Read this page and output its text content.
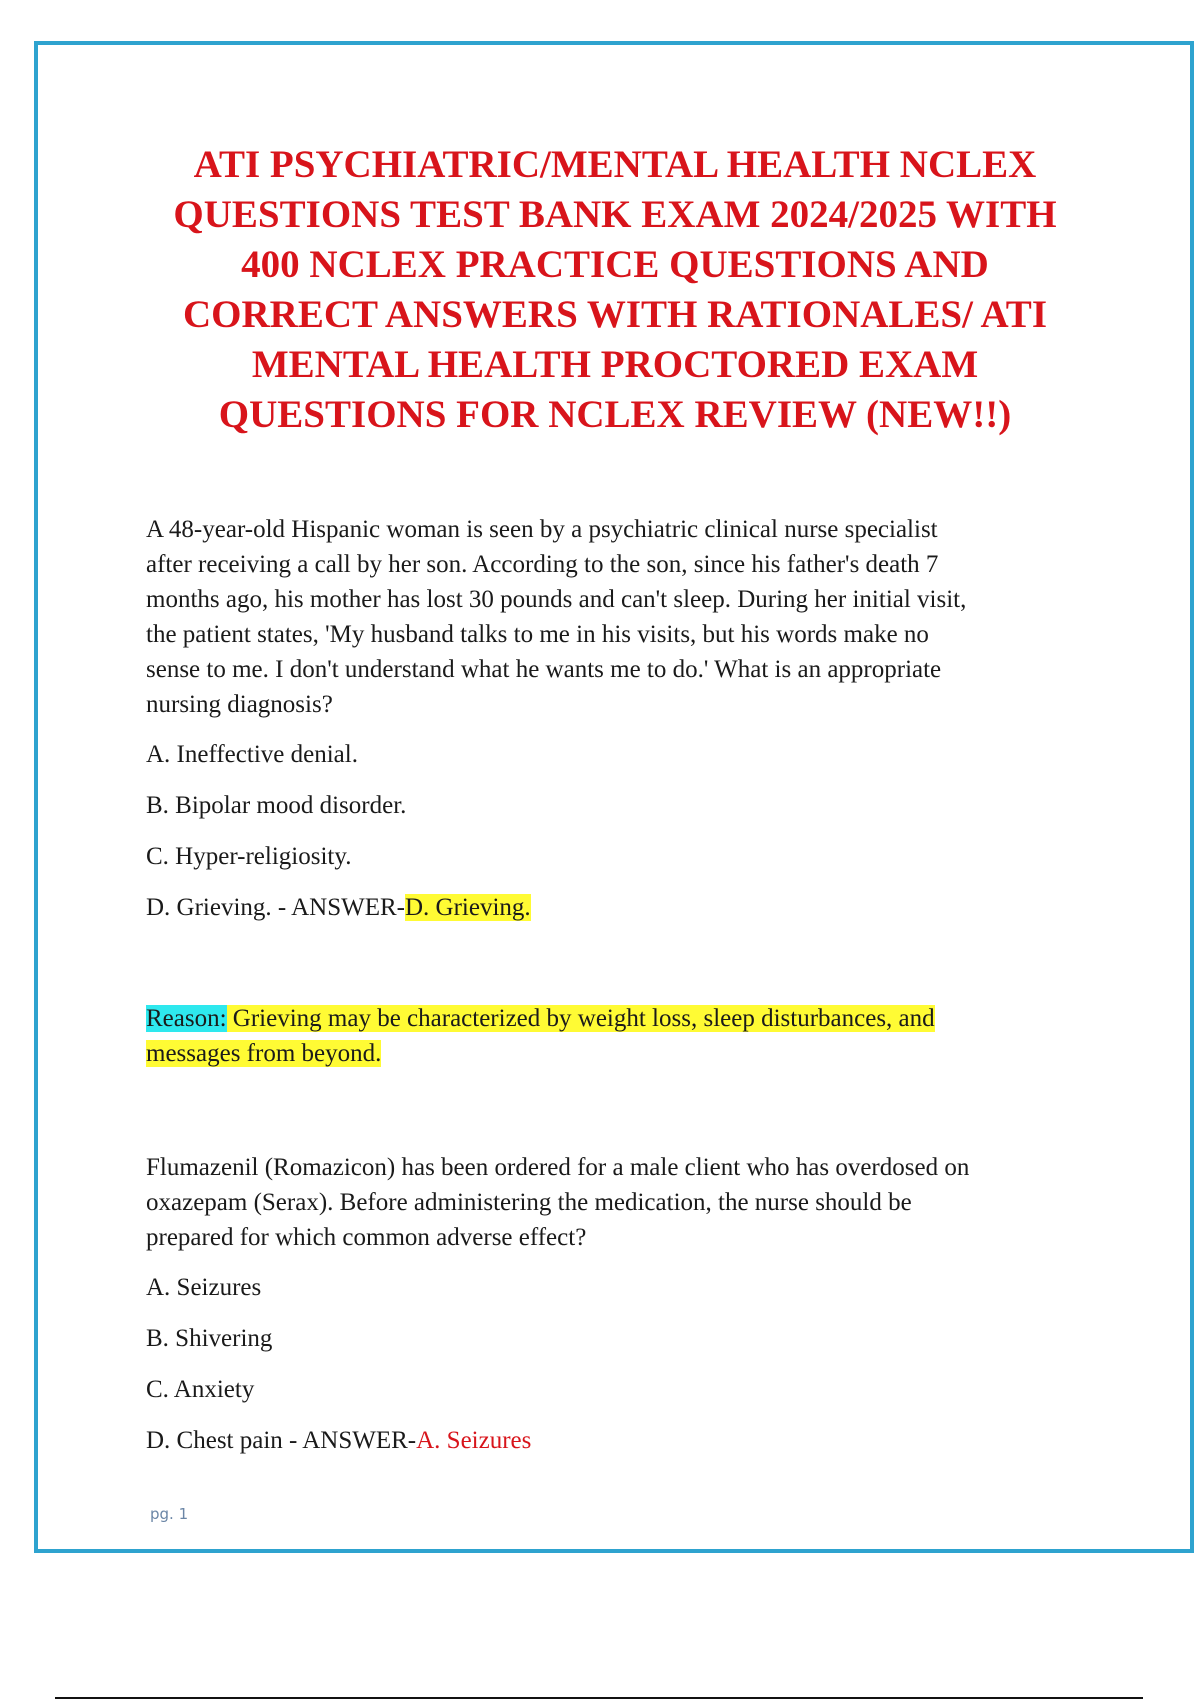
ATI PSYCHIATRIC/MENTAL HEALTH NCLEX
QUESTIONS TEST BANK EXAM 2024/2025 WITH
400 NCLEX PRACTICE QUESTIONS AND
CORRECT ANSWERS WITH RATIONALES/ ATI
MENTAL HEALTH PROCTORED EXAM
QUESTIONS FOR NCLEX REVIEW (NEW!!)
A 48-year-old Hispanic woman is seen by a psychiatric clinical nurse specialist
after receiving a call by her son. According to the son, since his father's death 7
months ago, his mother has lost 30 pounds and can't sleep. During her initial visit,
the patient states, 'My husband talks to me in his visits, but his words make no
sense to me. I don't understand what he wants me to do.' What is an appropriate
nursing diagnosis?
A. Ineffective denial.
B. Bipolar mood disorder.
C. Hyper-religiosity.
D. Grieving. - ANSWER-D. Grieving.
Reason: Grieving may be characterized by weight loss, sleep disturbances, and
messages from beyond.
Flumazenil (Romazicon) has been ordered for a male client who has overdosed on
oxazepam (Serax). Before administering the medication, the nurse should be
prepared for which common adverse effect?
A. Seizures
B. Shivering
C. Anxiety
D. Chest pain - ANSWER-A. Seizures
pg. 1
